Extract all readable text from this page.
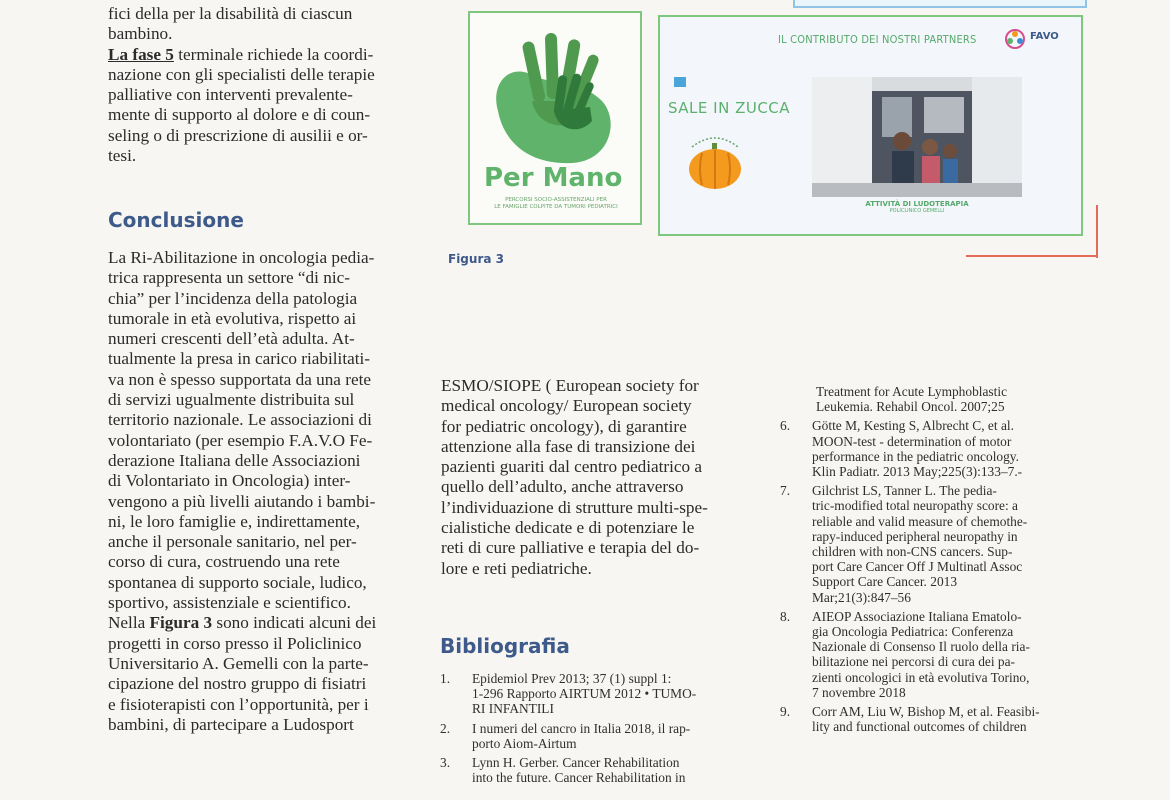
fici della per la disabilità di ciascun
bambino.

La fase 5 terminale richiede la coordi-

nazione con gli specialisti delle terapie
palliative con interventi prevalente-
mente di supporto al dolore e di coun-
seling o di prescrizione di ausilii e or-
tesi.
Conclusione
La Ri-Abilitazione in oncologia pedia-
trica rappresenta un settore “di nic-
chia” per l’incidenza della patologia
tumorale in età evolutiva, rispetto ai
numeri crescenti dell’età adulta. At-
tualmente la presa in carico riabilitati-
va non è spesso supportata da una rete
di servizi ugualmente distribuita sul
territorio nazionale. Le associazioni di
volontariato (per esempio F.A.V.O Fe-
derazione Italiana delle Associazioni
di Volontariato in Oncologia) inter-
vengono a più livelli aiutando i bambi-
ni, le loro famiglie e, indirettamente,
anche il personale sanitario, nel per-
corso di cura, costruendo una rete
spontanea di supporto sociale, ludico,
sportivo, assistenziale e scientifico.

Nella Figura 3 sono indicati alcuni dei

progetti in corso presso il Policlinico
Universitario A. Gemelli con la parte-
cipazione del nostro gruppo di fisiatri
e fisioterapisti con l’opportunità, per i
bambini, di partecipare a Ludosport
Per Mano
PERCORSI SOCIO-ASSISTENZIALI PER
LE FAMIGLIE COLPITE DA TUMORI PEDIATRICI
IL CONTRIBUTO DEI NOSTRI PARTNERS	FAVO
SALE IN ZUCCA
ATTIVITÀ DI LUDOTERAPIA
POLICLINICO GEMELLI
Figura 3
ESMO/SIOPE ( European society for
medical oncology/ European society
for pediatric oncology), di garantire
attenzione alla fase di transizione dei
pazienti guariti dal centro pediatrico a
quello dell’adulto, anche attraverso
l’individuazione di strutture multi-spe-
cialistiche dedicate e di potenziare le
reti di cure palliative e terapia del do-
lore e reti pediatriche.
Bibliografia
1.	Epidemiol Prev 2013; 37 (1) suppl 1:
1-296 Rapporto AIRTUM 2012 • TUMO-
RI INFANTILI
2.	I numeri del cancro in Italia 2018, il rap-
porto Aiom-Airtum
3.	Lynn H. Gerber. Cancer Rehabilitation
into the future. Cancer Rehabilitation in
Treatment for Acute Lymphoblastic
Leukemia. Rehabil Oncol. 2007;25
6.	Götte M, Kesting S, Albrecht C, et al.
MOON-test - determination of motor
performance in the pediatric oncology.
Klin Padiatr. 2013 May;225(3):133–7.-
7.	Gilchrist LS, Tanner L. The pedia-
tric-modified total neuropathy score: a
reliable and valid measure of chemothe-
rapy-induced peripheral neuropathy in
children with non-CNS cancers. Sup-
port Care Cancer Off J Multinatl Assoc
Support Care Cancer. 2013
Mar;21(3):847–56
8.	AIEOP Associazione Italiana Ematolo-
gia Oncologia Pediatrica: Conferenza
Nazionale di Consenso Il ruolo della ria-
bilitazione nei percorsi di cura dei pa-
zienti oncologici in età evolutiva Torino,
7 novembre 2018
9.	Corr AM, Liu W, Bishop M, et al. Feasibi-
lity and functional outcomes of children
